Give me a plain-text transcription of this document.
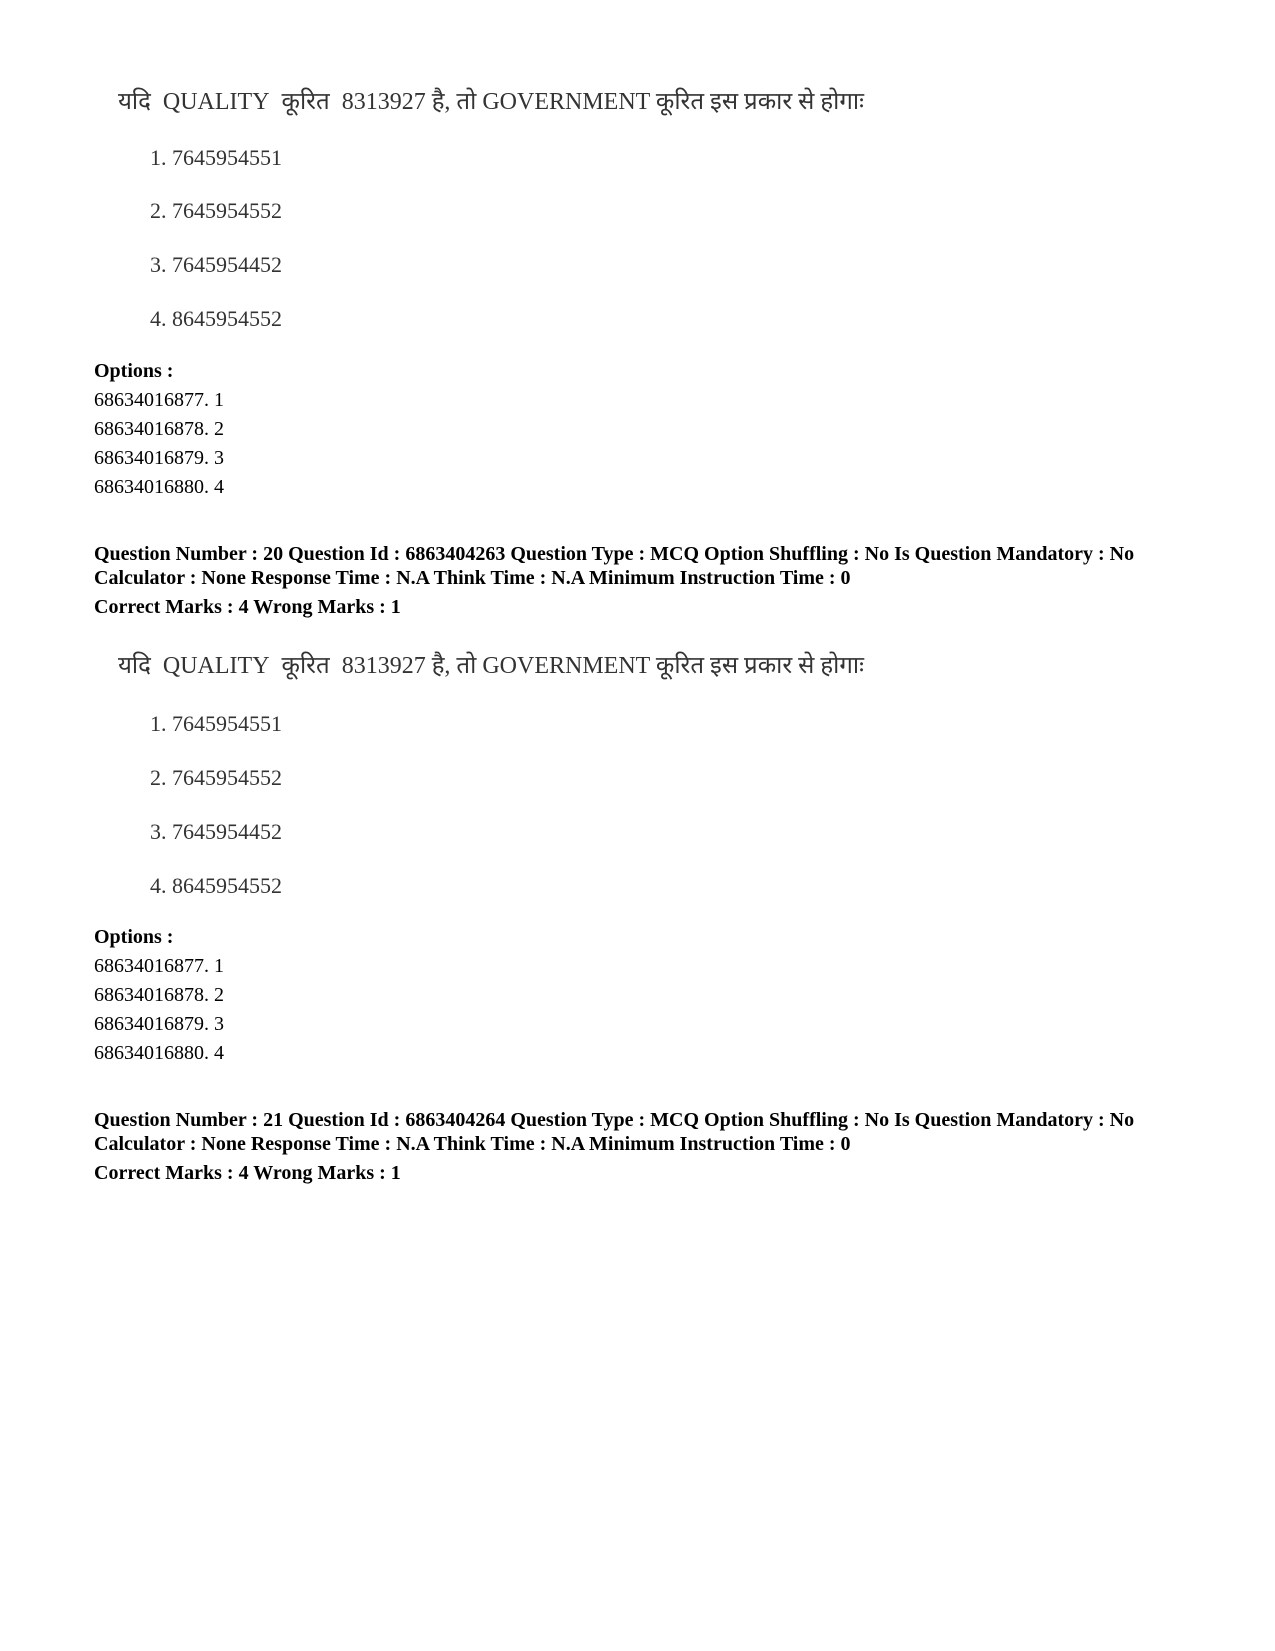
यदि QUALITY कूरित 8313927 है, तो GOVERNMENT कूरित इस प्रकार से होगाः
1. 7645954551
2. 7645954552
3. 7645954452
4. 8645954552
Options :
68634016877. 1
68634016878. 2
68634016879. 3
68634016880. 4
Question Number : 20 Question Id : 6863404263 Question Type : MCQ Option Shuffling : No Is Question Mandatory : No Calculator : None Response Time : N.A Think Time : N.A Minimum Instruction Time : 0
Correct Marks : 4 Wrong Marks : 1
यदि QUALITY कूरित 8313927 है, तो GOVERNMENT कूरित इस प्रकार से होगाः
1. 7645954551
2. 7645954552
3. 7645954452
4. 8645954552
Options :
68634016877. 1
68634016878. 2
68634016879. 3
68634016880. 4
Question Number : 21 Question Id : 6863404264 Question Type : MCQ Option Shuffling : No Is Question Mandatory : No Calculator : None Response Time : N.A Think Time : N.A Minimum Instruction Time : 0
Correct Marks : 4 Wrong Marks : 1
